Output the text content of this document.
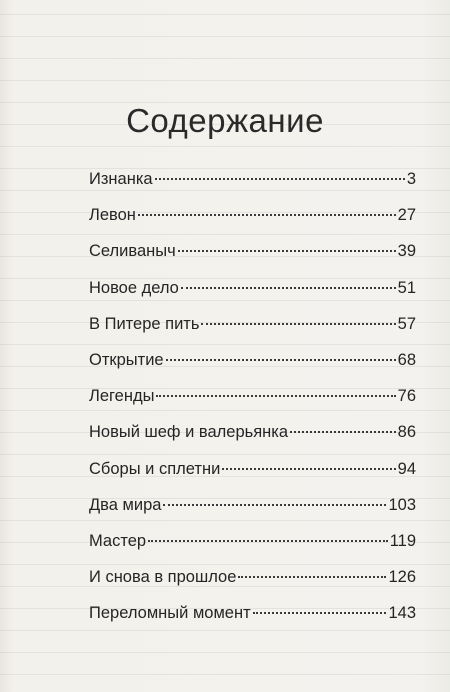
Содержание
Изнанка	3
Левон	27
Селиваныч	39
Новое дело	51
В Питере пить	57
Открытие	68
Легенды	76
Новый шеф и валерьянка	86
Сборы и сплетни	94
Два мира	103
Мастер	119
И снова в прошлое	126
Переломный момент	143
